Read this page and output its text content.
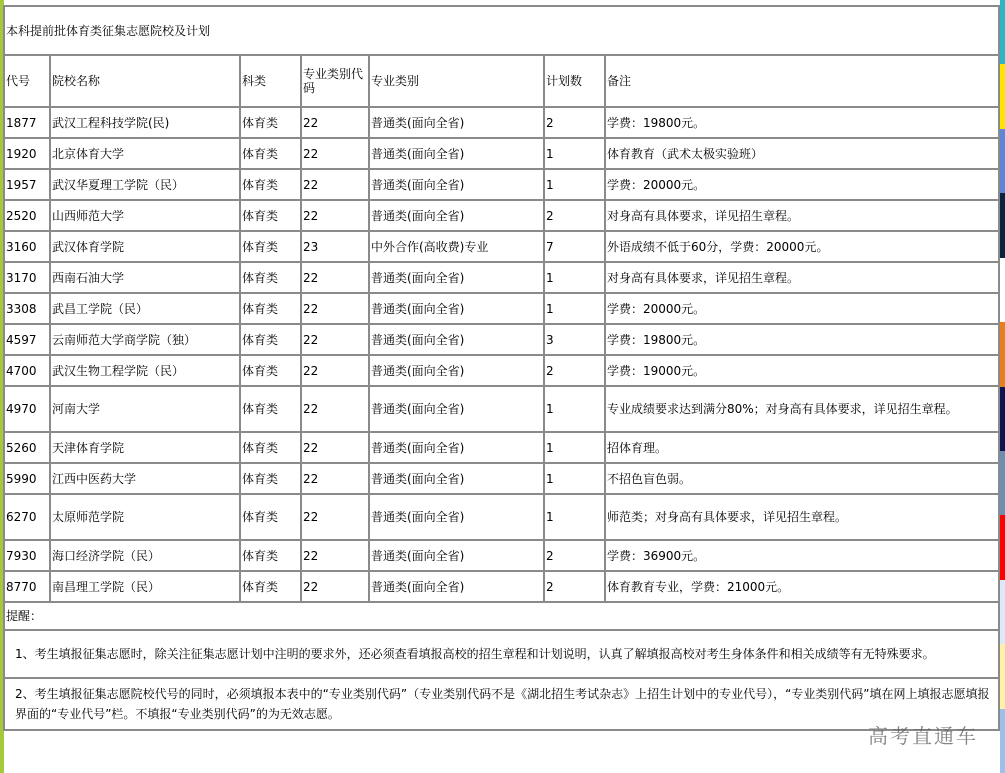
本科提前批体育类征集志愿院校及计划						
代号	院校名称	科类	专业类别代码	专业类别	计划数	备注
1877	武汉工程科技学院(民)	体育类	22	普通类(面向全省)	2	学费：19800元。
1920	北京体育大学	体育类	22	普通类(面向全省)	1	体育教育（武术太极实验班）
1957	武汉华夏理工学院（民）	体育类	22	普通类(面向全省)	1	学费：20000元。
2520	山西师范大学	体育类	22	普通类(面向全省)	2	对身高有具体要求，详见招生章程。
3160	武汉体育学院	体育类	23	中外合作(高收费)专业	7	外语成绩不低于60分，学费：20000元。
3170	西南石油大学	体育类	22	普通类(面向全省)	1	对身高有具体要求，详见招生章程。
3308	武昌工学院（民）	体育类	22	普通类(面向全省)	1	学费：20000元。
4597	云南师范大学商学院（独）	体育类	22	普通类(面向全省)	3	学费：19800元。
4700	武汉生物工程学院（民）	体育类	22	普通类(面向全省)	2	学费：19000元。
4970	河南大学	体育类	22	普通类(面向全省)	1	专业成绩要求达到满分80%；对身高有具体要求，详见招生章程。
5260	天津体育学院	体育类	22	普通类(面向全省)	1	招体育理。
5990	江西中医药大学	体育类	22	普通类(面向全省)	1	不招色盲色弱。
6270	太原师范学院	体育类	22	普通类(面向全省)	1	师范类；对身高有具体要求，详见招生章程。
7930	海口经济学院（民）	体育类	22	普通类(面向全省)	2	学费：36900元。
8770	南昌理工学院（民）	体育类	22	普通类(面向全省)	2	体育教育专业，学费：21000元。
提醒：						
1、考生填报征集志愿时，除关注征集志愿计划中注明的要求外，还必须查看填报高校的招生章程和计划说明，认真了解填报高校对考生身体条件和相关成绩等有无特殊要求。						
2、考生填报征集志愿院校代号的同时，必须填报本表中的“专业类别代码”（专业类别代码不是《湖北招生考试杂志》上招生计划中的专业代号），“专业类别代码”填在网上填报志愿填报界面的“专业代号”栏。不填报“专业类别代码”的为无效志愿。						
高考直通车
